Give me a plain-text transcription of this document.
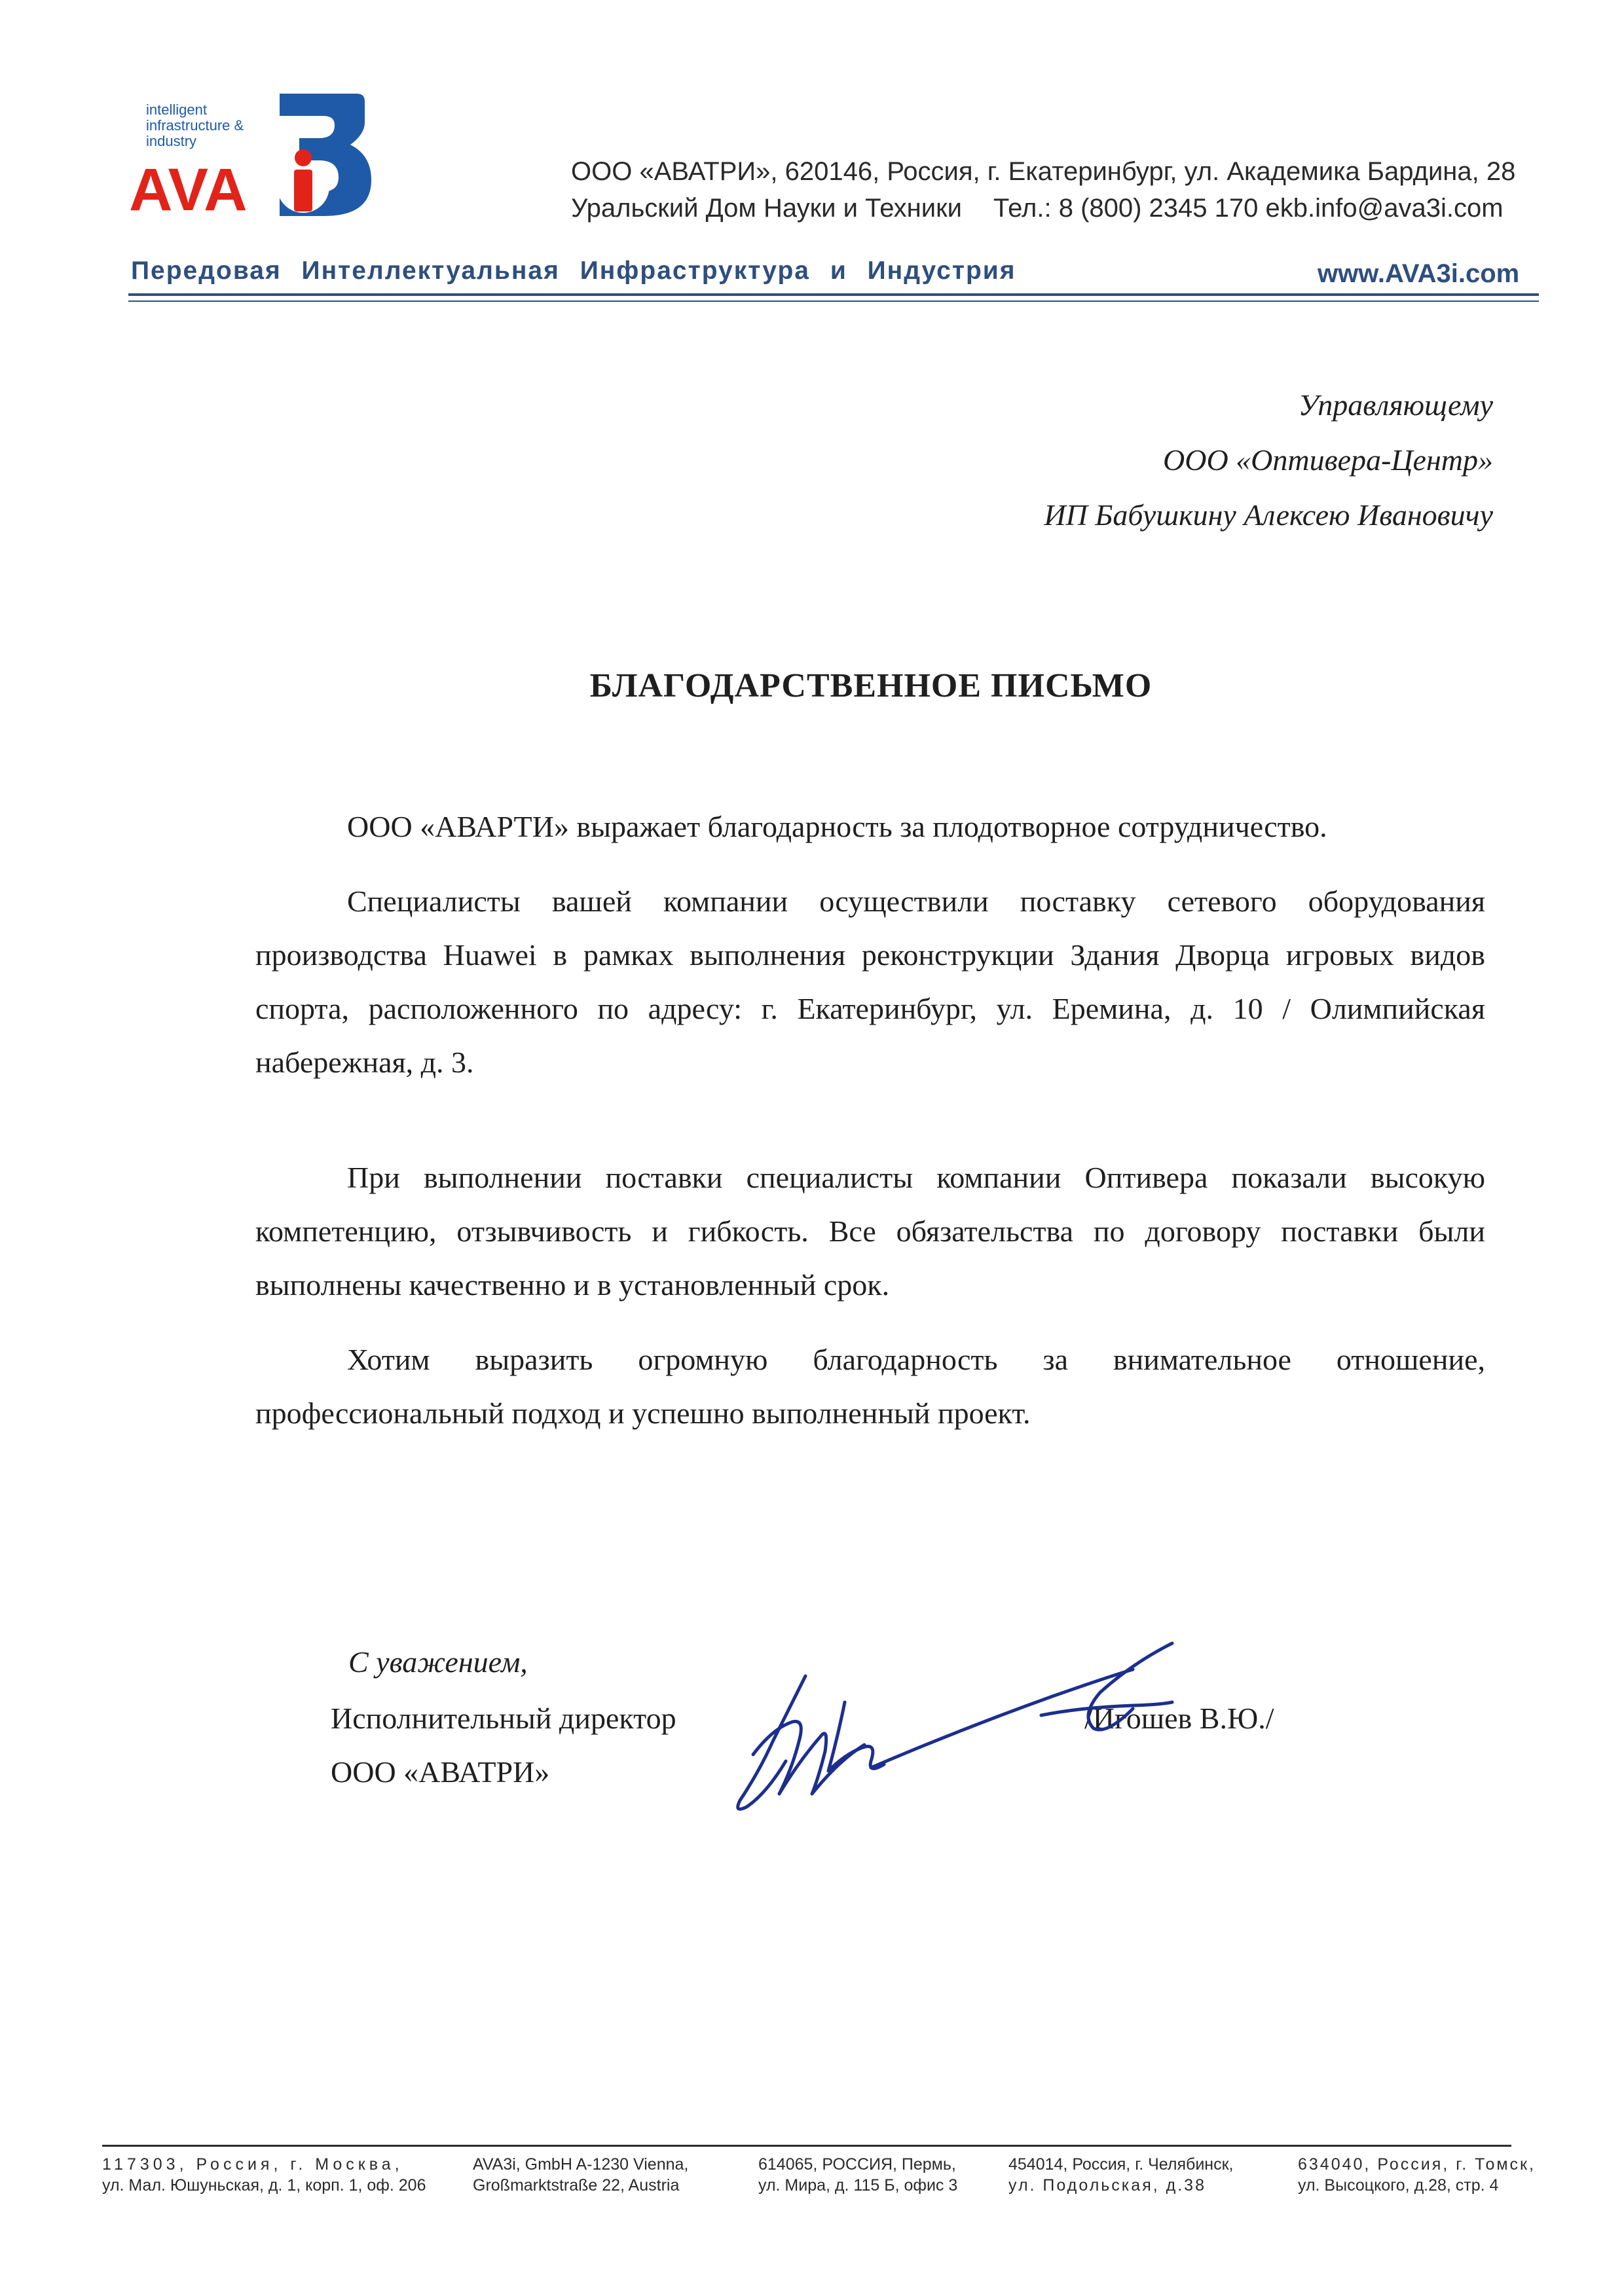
intelligent
infrastructure &
industry
AVA	ООО «АВАТРИ», 620146, Россия, г. Екатеринбург, ул. Академика Бардина, 28
Уральский Дом Науки и Техники Тел.: 8 (800) 2345 170 ekb.info@ava3i.com
Передовая Интеллектуальная Инфраструктура и Индустрия	www.AVA3i.com
Управляющему
ООО «Оптивера-Центр»
ИП Бабушкину Алексею Ивановичу
БЛАГОДАРСТВЕННОЕ ПИСЬМО
ООО «АВАРТИ» выражает благодарность за плодотворное сотрудничество.
Специалисты вашей компании осуществили поставку сетевого оборудования производства Huawei в рамках выполнения реконструкции Здания Дворца игровых видов спорта, расположенного по адресу: г. Екатеринбург, ул. Еремина, д. 10 / Олимпийская набережная, д. 3.
При выполнении поставки специалисты компании Оптивера показали высокую компетенцию, отзывчивость и гибкость. Все обязательства по договору поставки были выполнены качественно и в установленный срок.
Хотим выразить огромную благодарность за внимательное отношение, профессиональный подход и успешно выполненный проект.
С уважением,
Исполнительный директор
ООО «АВАТРИ»
/Игошев В.Ю./
117303, Россия, г. Москва,
ул. Мал. Юшуньская, д. 1, корп. 1, оф. 206
AVA3i, GmbH A-1230 Vienna,
Großmarktstraße 22, Austria
614065, РОССИЯ, Пермь,
ул. Мира, д. 115 Б, офис 3
454014, Россия, г. Челябинск,
ул. Подольская, д.38
634040, Россия, г. Томск,
ул. Высоцкого, д.28, стр. 4
